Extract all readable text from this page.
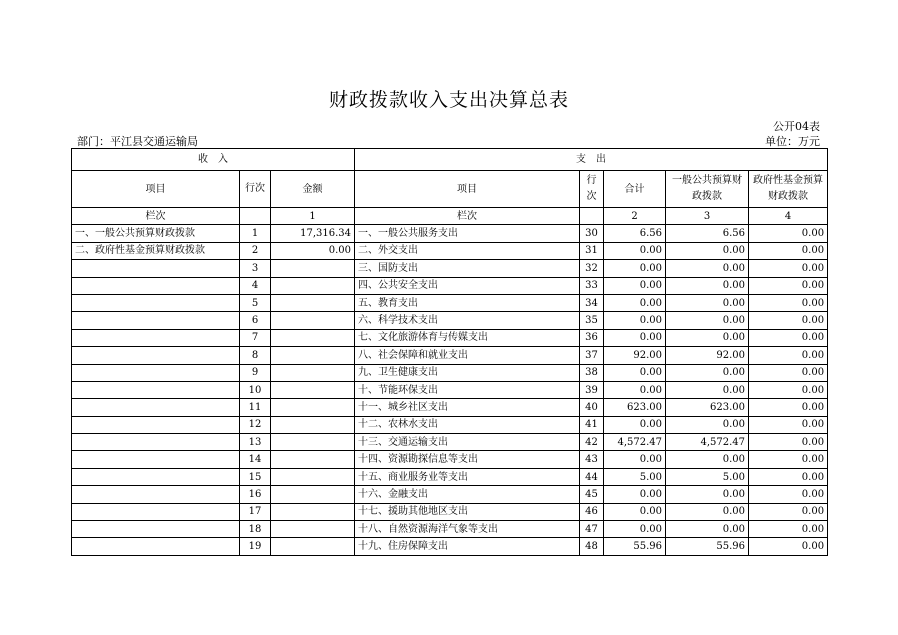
财政拨款收入支出决算总表
公开04表
部门：平江县交通运输局	单位：万元
收　入			支　出				
项目	行次	金额	项目	行次	合计	一般公共预算财政拨款	政府性基金预算财政拨款
栏次		1	栏次		2	3	4
一、一般公共预算财政拨款	1	17,316.34	一、一般公共服务支出	30	6.56	6.56	0.00
二、政府性基金预算财政拨款	2	0.00	二、外交支出	31	0.00	0.00	0.00
	3		三、国防支出	32	0.00	0.00	0.00
	4		四、公共安全支出	33	0.00	0.00	0.00
	5		五、教育支出	34	0.00	0.00	0.00
	6		六、科学技术支出	35	0.00	0.00	0.00
	7		七、文化旅游体育与传媒支出	36	0.00	0.00	0.00
	8		八、社会保障和就业支出	37	92.00	92.00	0.00
	9		九、卫生健康支出	38	0.00	0.00	0.00
	10		十、节能环保支出	39	0.00	0.00	0.00
	11		十一、城乡社区支出	40	623.00	623.00	0.00
	12		十二、农林水支出	41	0.00	0.00	0.00
	13		十三、交通运输支出	42	4,572.47	4,572.47	0.00
	14		十四、资源勘探信息等支出	43	0.00	0.00	0.00
	15		十五、商业服务业等支出	44	5.00	5.00	0.00
	16		十六、金融支出	45	0.00	0.00	0.00
	17		十七、援助其他地区支出	46	0.00	0.00	0.00
	18		十八、自然资源海洋气象等支出	47	0.00	0.00	0.00
	19		十九、住房保障支出	48	55.96	55.96	0.00
